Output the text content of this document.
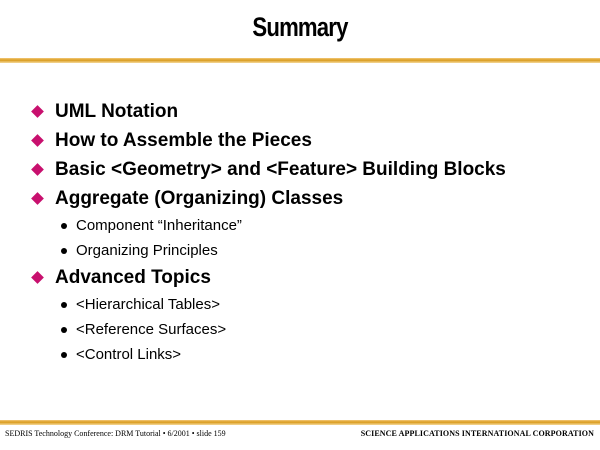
Summary
UML Notation
How to Assemble the Pieces
Basic <Geometry> and <Feature> Building Blocks
Aggregate (Organizing) Classes
Component “Inheritance”
Organizing Principles
Advanced Topics
<Hierarchical Tables>
<Reference Surfaces>
<Control Links>
SEDRIS Technology Conference: DRM Tutorial • 6/2001 • slide 159	SCIENCE APPLICATIONS INTERNATIONAL CORPORATION
